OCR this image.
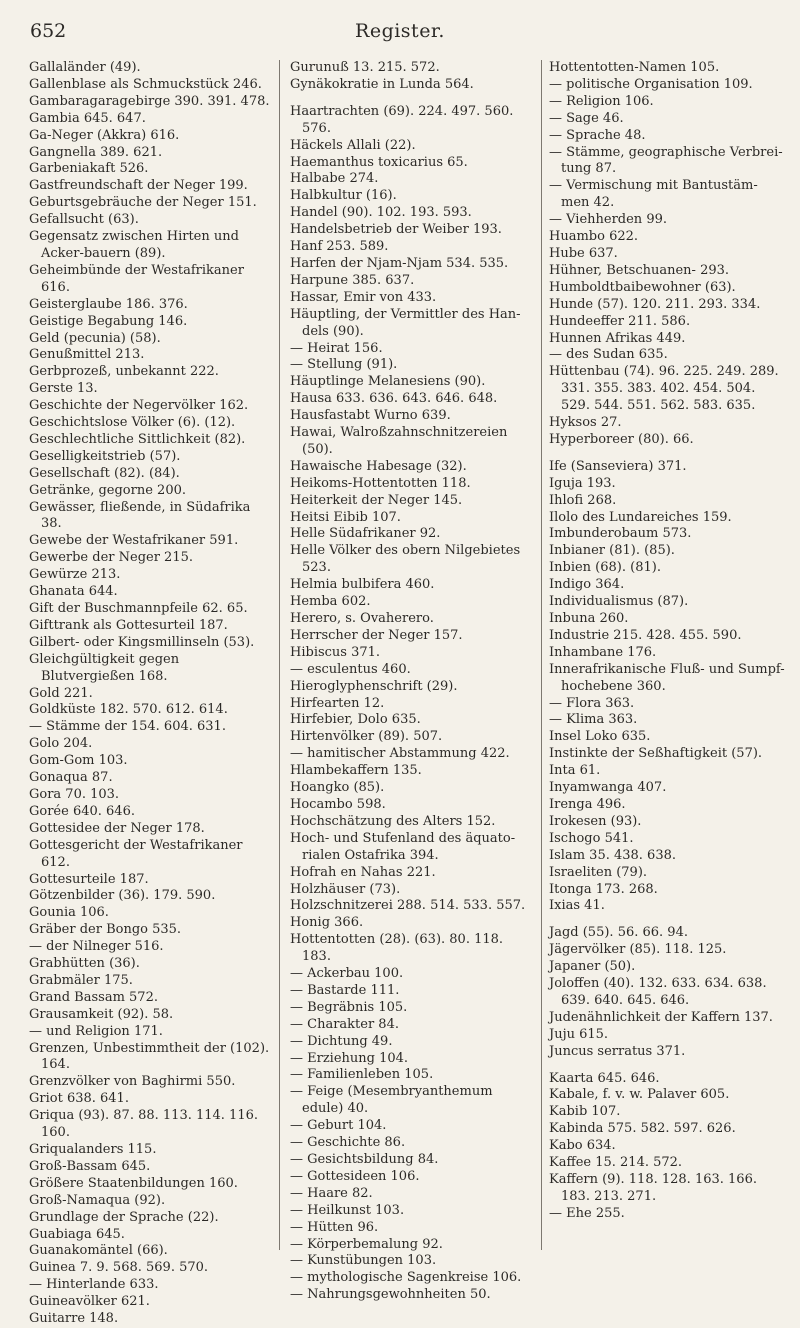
652	Register.
Gallaländer (49).
Gallenblase als Schmuckstück 246.
Gambaragaragebirge 390. 391. 478.
Gambia 645. 647.
Ga-Neger (Akkra) 616.
Gangnella 389. 621.
Garbeniakaft 526.
Gastfreundschaft der Neger 199.
Geburtsgebräuche der Neger 151.
Gefallsucht (63).
Gegensatz zwischen Hirten und Acker-bauern (89).
Geheimbünde der Westafrikaner 616.
Geisterglaube 186. 376.
Geistige Begabung 146.
Geld (pecunia) (58).
Genußmittel 213.
Gerbprozeß, unbekannt 222.
Gerste 13.
Geschichte der Negervölker 162.
Geschichtslose Völker (6). (12).
Geschlechtliche Sittlichkeit (82).
Geselligkeitstrieb (57).
Gesellschaft (82). (84).
Getränke, gegorne 200.
Gewässer, fließende, in Südafrika 38.
Gewebe der Westafrikaner 591.
Gewerbe der Neger 215.
Gewürze 213.
Ghanata 644.
Gift der Buschmannpfeile 62. 65.
Gifttrank als Gottesurteil 187.
Gilbert- oder Kingsmillinseln (53).
Gleichgültigkeit gegen Blutvergießen 168.
Gold 221.
Goldküste 182. 570. 612. 614.
— Stämme der 154. 604. 631.
Golo 204.
Gom-Gom 103.
Gonaqua 87.
Gora 70. 103.
Gorée 640. 646.
Gottesidee der Neger 178.
Gottesgericht der Westafrikaner 612.
Gottesurteile 187.
Götzenbilder (36). 179. 590.
Gounia 106.
Gräber der Bongo 535.
— der Nilneger 516.
Grabhütten (36).
Grabmäler 175.
Grand Bassam 572.
Grausamkeit (92). 58.
— und Religion 171.
Grenzen, Unbestimmtheit der (102). 164.
Grenzvölker von Baghirmi 550.
Griot 638. 641.
Griqua (93). 87. 88. 113. 114. 116. 160.
Griqualanders 115.
Groß-Bassam 645.
Größere Staatenbildungen 160.
Groß-Namaqua (92).
Grundlage der Sprache (22).
Guabiaga 645.
Guanakomäntel (66).
Guinea 7. 9. 568. 569. 570.
— Hinterlande 633.
Guineavölker 621.
Guitarre 148.
Gurunuß 13. 215. 572.
Gynäkokratie in Lunda 564.
Haartrachten (69). 224. 497. 560. 576.
Häckels Allali (22).
Haemanthus toxicarius 65.
Halbabe 274.
Halbkultur (16).
Handel (90). 102. 193. 593.
Handelsbetrieb der Weiber 193.
Hanf 253. 589.
Harfen der Njam-Njam 534. 535.
Harpune 385. 637.
Hassar, Emir von 433.
Häuptling, der Vermittler des Han-dels (90).
— Heirat 156.
— Stellung (91).
Häuptlinge Melanesiens (90).
Hausa 633. 636. 643. 646. 648.
Hausfastabt Wurno 639.
Hawai, Walroßzahnschnitzereien (50).
Hawaische Habesage (32).
Heikoms-Hottentotten 118.
Heiterkeit der Neger 145.
Heitsi Eibib 107.
Helle Südafrikaner 92.
Helle Völker des obern Nilgebietes 523.
Helmia bulbifera 460.
Hemba 602.
Herero, s. Ovaherero.
Herrscher der Neger 157.
Hibiscus 371.
— esculentus 460.
Hieroglyphenschrift (29).
Hirfearten 12.
Hirfebier, Dolo 635.
Hirtenvölker (89). 507.
— hamitischer Abstammung 422.
Hlambekaffern 135.
Hoangko (85).
Hocambo 598.
Hochschätzung des Alters 152.
Hoch- und Stufenland des äquato-rialen Ostafrika 394.
Hofrah en Nahas 221.
Holzhäuser (73).
Holzschnitzerei 288. 514. 533. 557.
Honig 366.
Hottentotten (28). (63). 80. 118. 183.
— Ackerbau 100.
— Bastarde 111.
— Begräbnis 105.
— Charakter 84.
— Dichtung 49.
— Erziehung 104.
— Familienleben 105.
— Feige (Mesembryanthemum edule) 40.
— Geburt 104.
— Geschichte 86.
— Gesichtsbildung 84.
— Gottesideen 106.
— Haare 82.
— Heilkunst 103.
— Hütten 96.
— Körperbemalung 92.
— Kunstübungen 103.
— mythologische Sagenkreise 106.
— Nahrungsgewohnheiten 50.
Hottentotten-Namen 105.
— politische Organisation 109.
— Religion 106.
— Sage 46.
— Sprache 48.
— Stämme, geographische Verbrei-tung 87.
— Vermischung mit Bantustäm-men 42.
— Viehherden 99.
Huambo 622.
Hube 637.
Hühner, Betschuanen- 293.
Humboldtbaibewohner (63).
Hunde (57). 120. 211. 293. 334.
Hundeeffer 211. 586.
Hunnen Afrikas 449.
— des Sudan 635.
Hüttenbau (74). 96. 225. 249. 289. 331. 355. 383. 402. 454. 504. 529. 544. 551. 562. 583. 635.
Hyksos 27.
Hyperboreer (80). 66.
Ife (Sanseviera) 371.
Iguja 193.
Ihlofi 268.
Ilolo des Lundareiches 159.
Imbunderobaum 573.
Inbianer (81). (85).
Inbien (68). (81).
Indigo 364.
Individualismus (87).
Inbuna 260.
Industrie 215. 428. 455. 590.
Inhambane 176.
Innerafrikanische Fluß- und Sumpf-hochebene 360.
— Flora 363.
— Klima 363.
Insel Loko 635.
Instinkte der Seßhaftigkeit (57).
Inta 61.
Inyamwanga 407.
Irenga 496.
Irokesen (93).
Ischogo 541.
Islam 35. 438. 638.
Israeliten (79).
Itonga 173. 268.
Ixias 41.
Jagd (55). 56. 66. 94.
Jägervölker (85). 118. 125.
Japaner (50).
Joloffen (40). 132. 633. 634. 638. 639. 640. 645. 646.
Judenähnlichkeit der Kaffern 137.
Juju 615.
Juncus serratus 371.
Kaarta 645. 646.
Kabale, f. v. w. Palaver 605.
Kabib 107.
Kabinda 575. 582. 597. 626.
Kabo 634.
Kaffee 15. 214. 572.
Kaffern (9). 118. 128. 163. 166. 183. 213. 271.
— Ehe 255.
